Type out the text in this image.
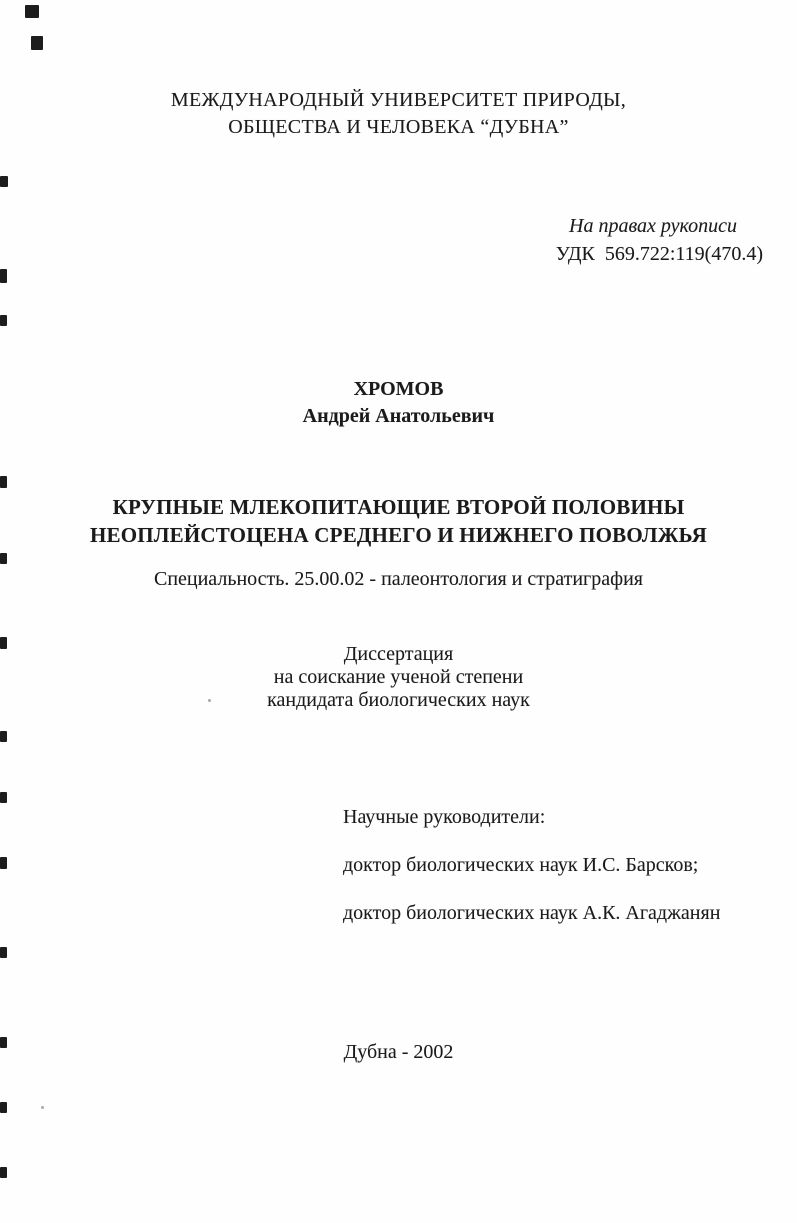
МЕЖДУНАРОДНЫЙ УНИВЕРСИТЕТ ПРИРОДЫ,
ОБЩЕСТВА И ЧЕЛОВЕКА “ДУБНА”
На правах рукописи
УДК  569.722:119(470.4)
ХРОМОВ
Андрей Анатольевич
КРУПНЫЕ МЛЕКОПИТАЮЩИЕ ВТОРОЙ ПОЛОВИНЫ
НЕОПЛЕЙСТОЦЕНА СРЕДНЕГО И НИЖНЕГО ПОВОЛЖЬЯ
Специальность. 25.00.02 - палеонтология и стратиграфия
Диссертация
на соискание ученой степени
кандидата биологических наук

Научные руководители:

доктор биологических наук И.С. Барсков;

доктор биологических наук А.К. Агаджанян

Дубна - 2002
